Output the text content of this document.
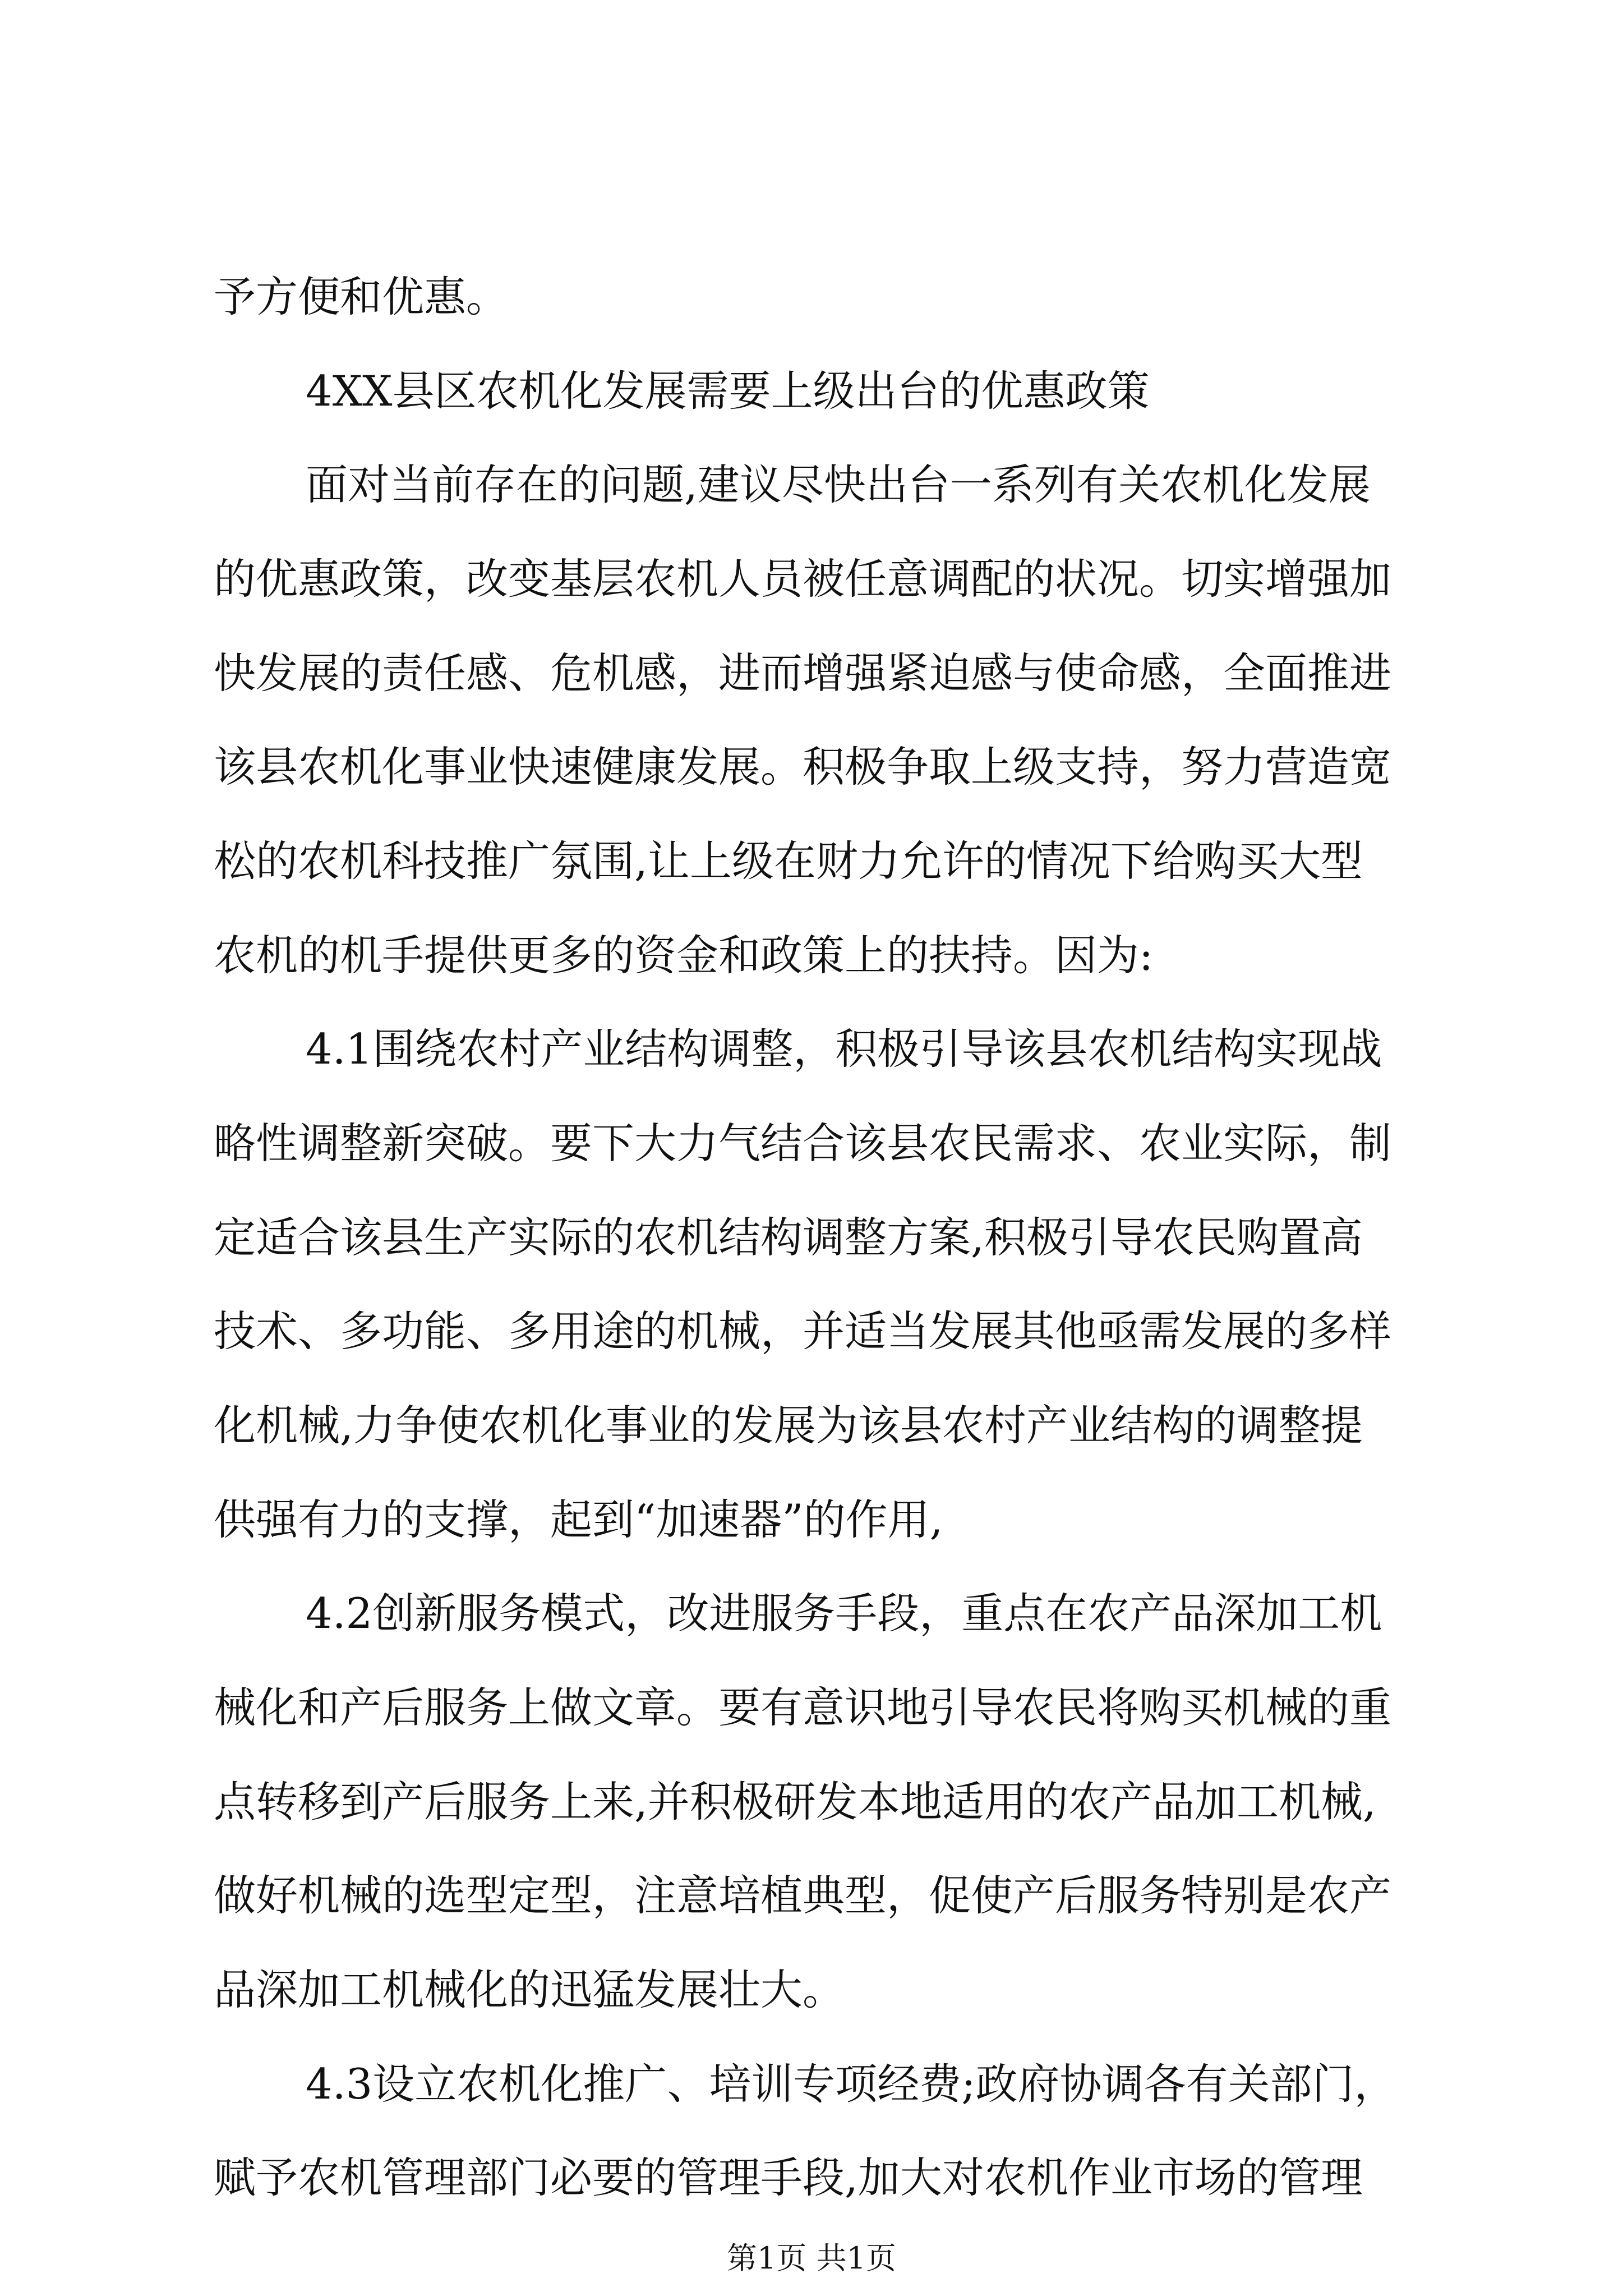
予方便和优惠。
4XX县区农机化发展需要上级出台的优惠政策
面对当前存在的问题,建议尽快出台一系列有关农机化发展
的优惠政策，改变基层农机人员被任意调配的状况。切实增强加
快发展的责任感、危机感，进而增强紧迫感与使命感，全面推进
该县农机化事业快速健康发展。积极争取上级支持，努力营造宽
松的农机科技推广氛围,让上级在财力允许的情况下给购买大型
农机的机手提供更多的资金和政策上的扶持。因为:
4.1围绕农村产业结构调整，积极引导该县农机结构实现战
略性调整新突破。要下大力气结合该县农民需求、农业实际，制
定适合该县生产实际的农机结构调整方案,积极引导农民购置高
技术、多功能、多用途的机械，并适当发展其他亟需发展的多样
化机械,力争使农机化事业的发展为该县农村产业结构的调整提
供强有力的支撑，起到“加速器”的作用,
4.2创新服务模式，改进服务手段，重点在农产品深加工机
械化和产后服务上做文章。要有意识地引导农民将购买机械的重
点转移到产后服务上来,并积极研发本地适用的农产品加工机械,
做好机械的选型定型，注意培植典型，促使产后服务特别是农产
品深加工机械化的迅猛发展壮大。
4.3设立农机化推广、培训专项经费;政府协调各有关部门，
赋予农机管理部门必要的管理手段,加大对农机作业市场的管理
第1页 共1页
